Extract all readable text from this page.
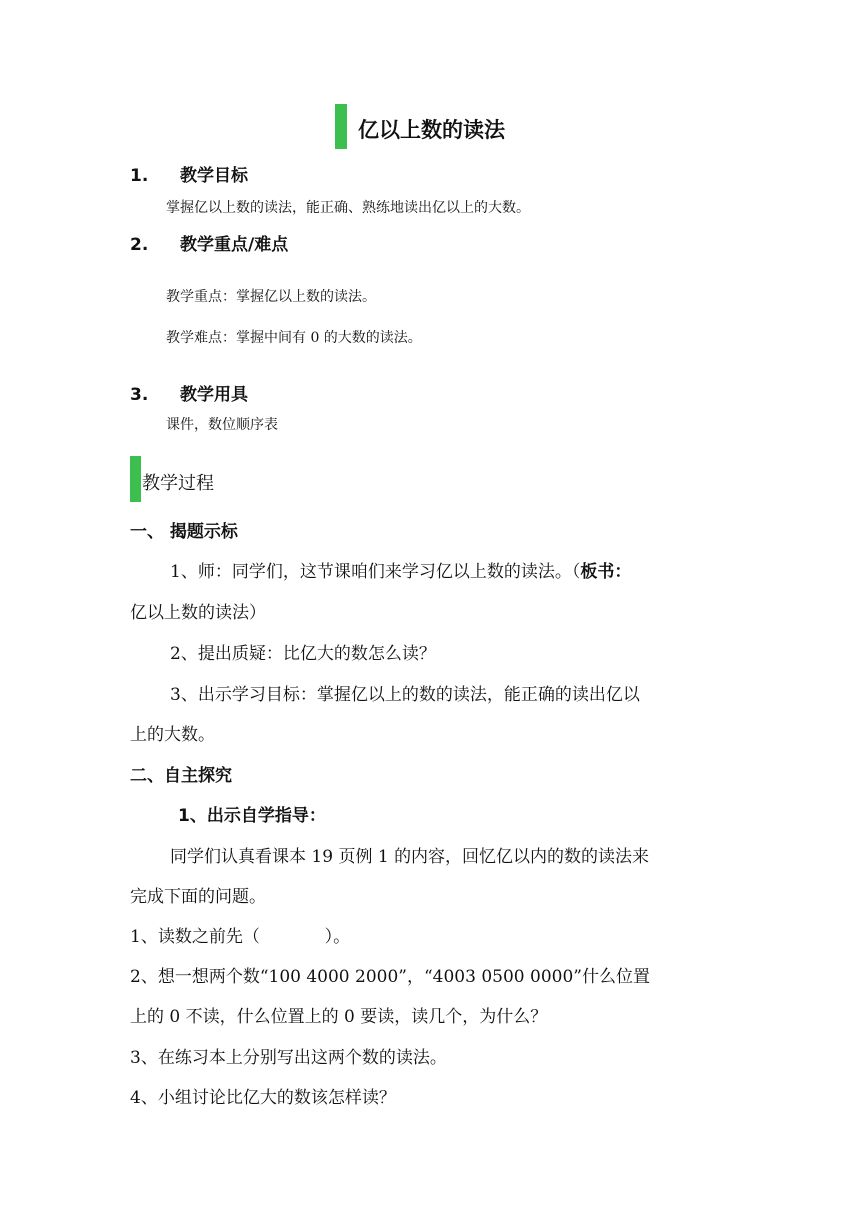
亿以上数的读法
1. 教学目标
掌握亿以上数的读法，能正确、熟练地读出亿以上的大数。
2. 教学重点/难点
教学重点：掌握亿以上数的读法。
教学难点：掌握中间有 0 的大数的读法。
3. 教学用具
课件，数位顺序表
教学过程
一、 揭题示标
1、师：同学们，这节课咱们来学习亿以上数的读法。（板书：
亿以上数的读法）
2、提出质疑：比亿大的数怎么读？
3、出示学习目标：掌握亿以上的数的读法，能正确的读出亿以
上的大数。
二、自主探究
1、出示自学指导：
同学们认真看课本 19 页例 1 的内容，回忆亿以内的数的读法来
完成下面的问题。
1、读数之前先（            ）。
2、想一想两个数“100 4000 2000”，“4003 0500 0000”什么位置
上的 0 不读，什么位置上的 0 要读，读几个，为什么？
3、在练习本上分别写出这两个数的读法。
4、小组讨论比亿大的数该怎样读？
